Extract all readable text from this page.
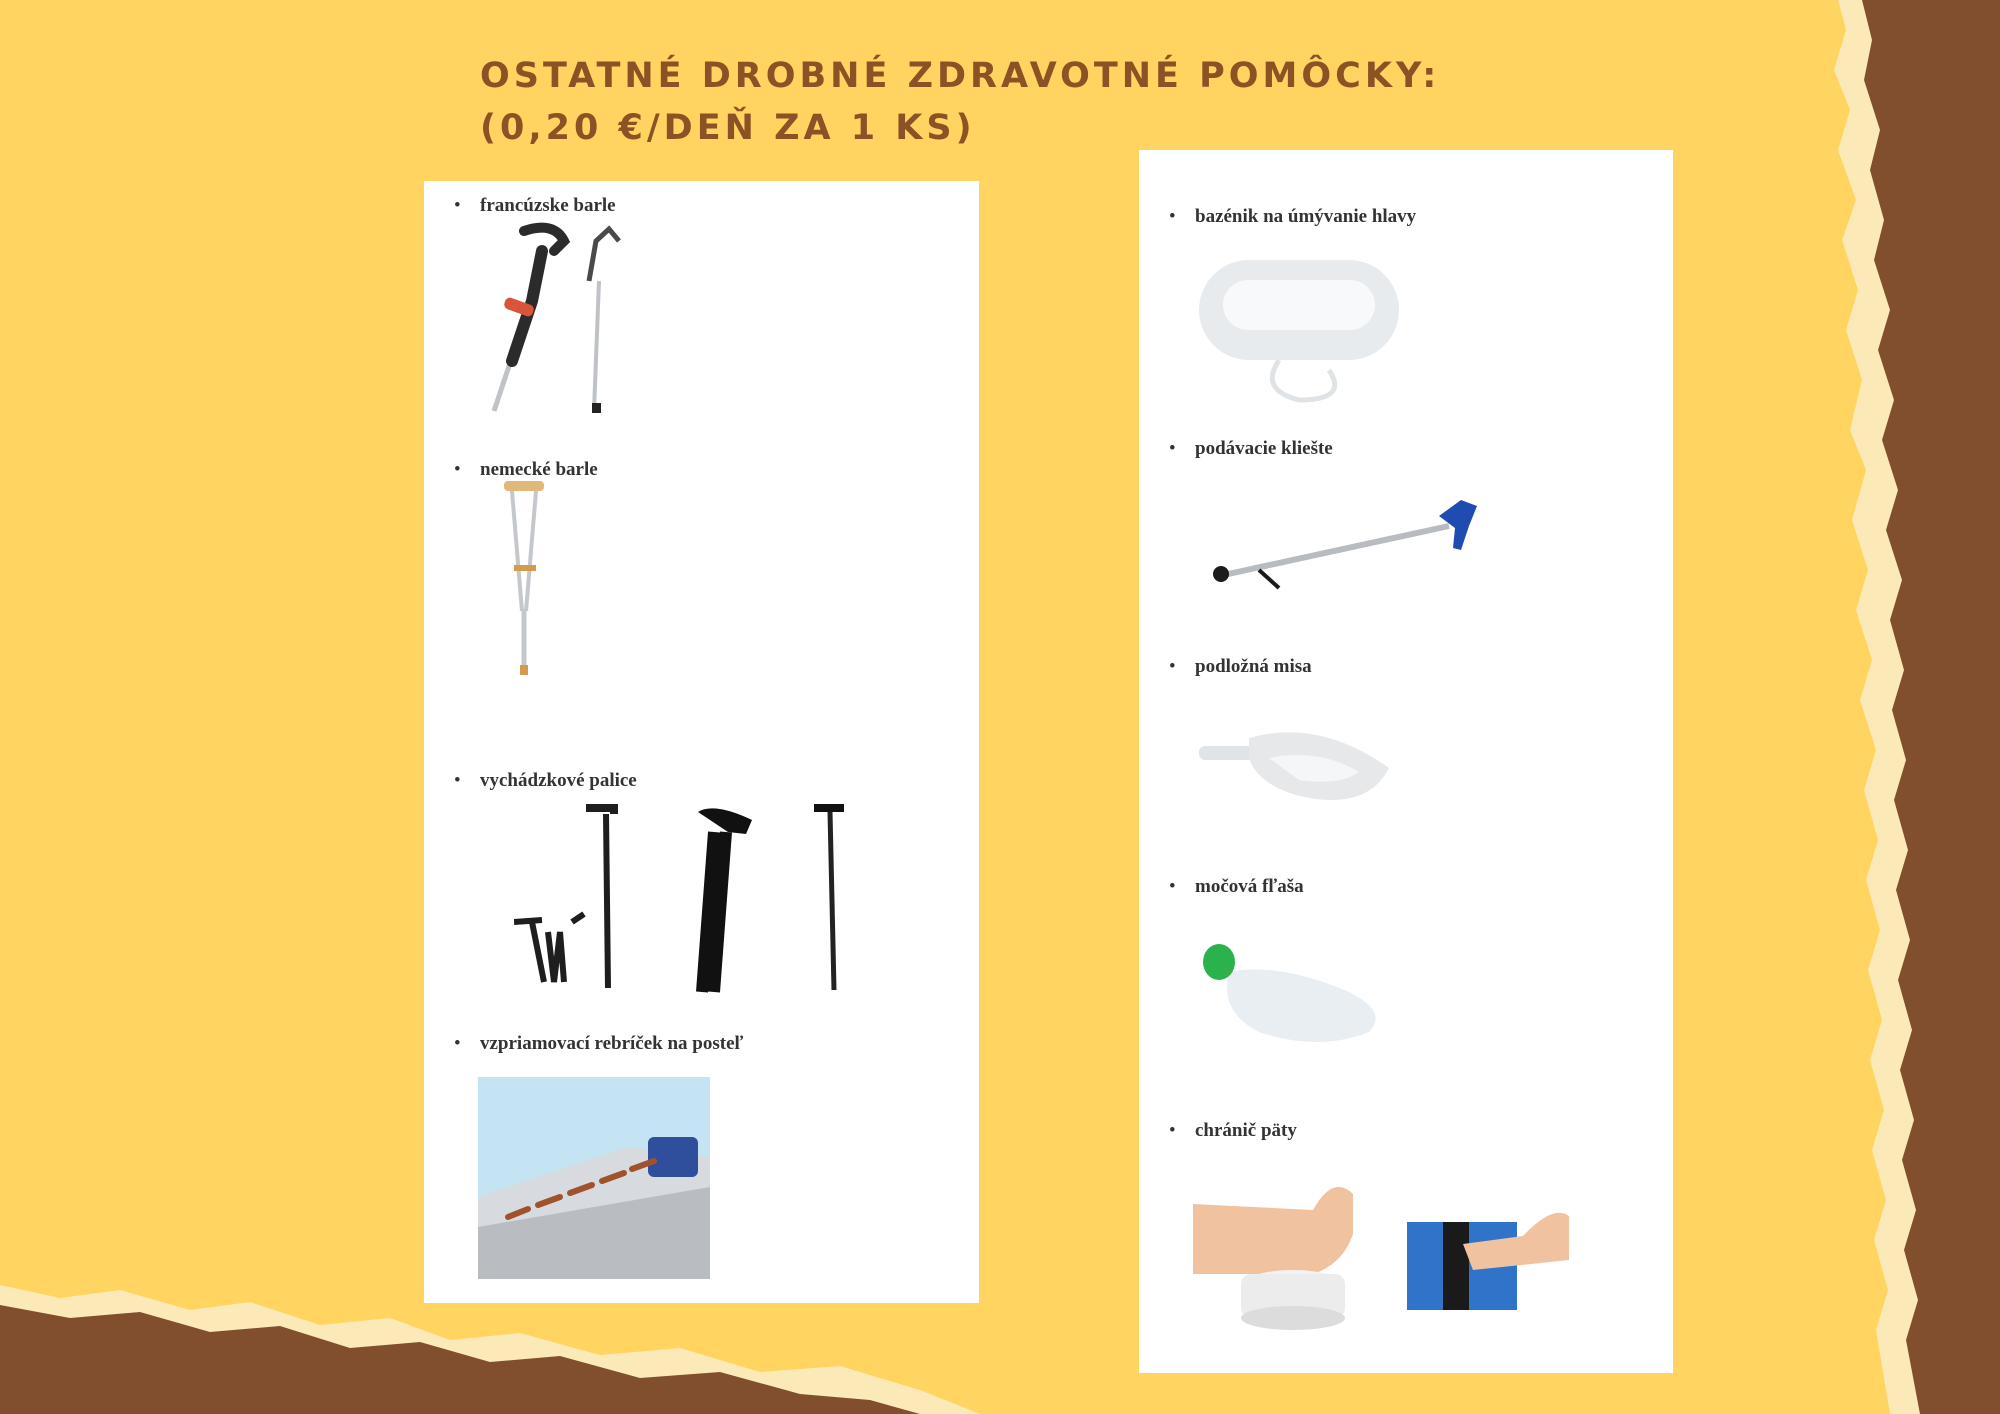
OSTATNÉ DROBNÉ ZDRAVOTNÉ POMÔCKY:
(0,20 €/DEŇ ZA 1 KS)
• francúzske barle
• nemecké barle
• vychádzkové palice
• vzpriamovací rebríček na posteľ
• bazénik na úmývanie hlavy
• podávacie kliešte
• podložná misa
• močová fľaša
• chránič päty
